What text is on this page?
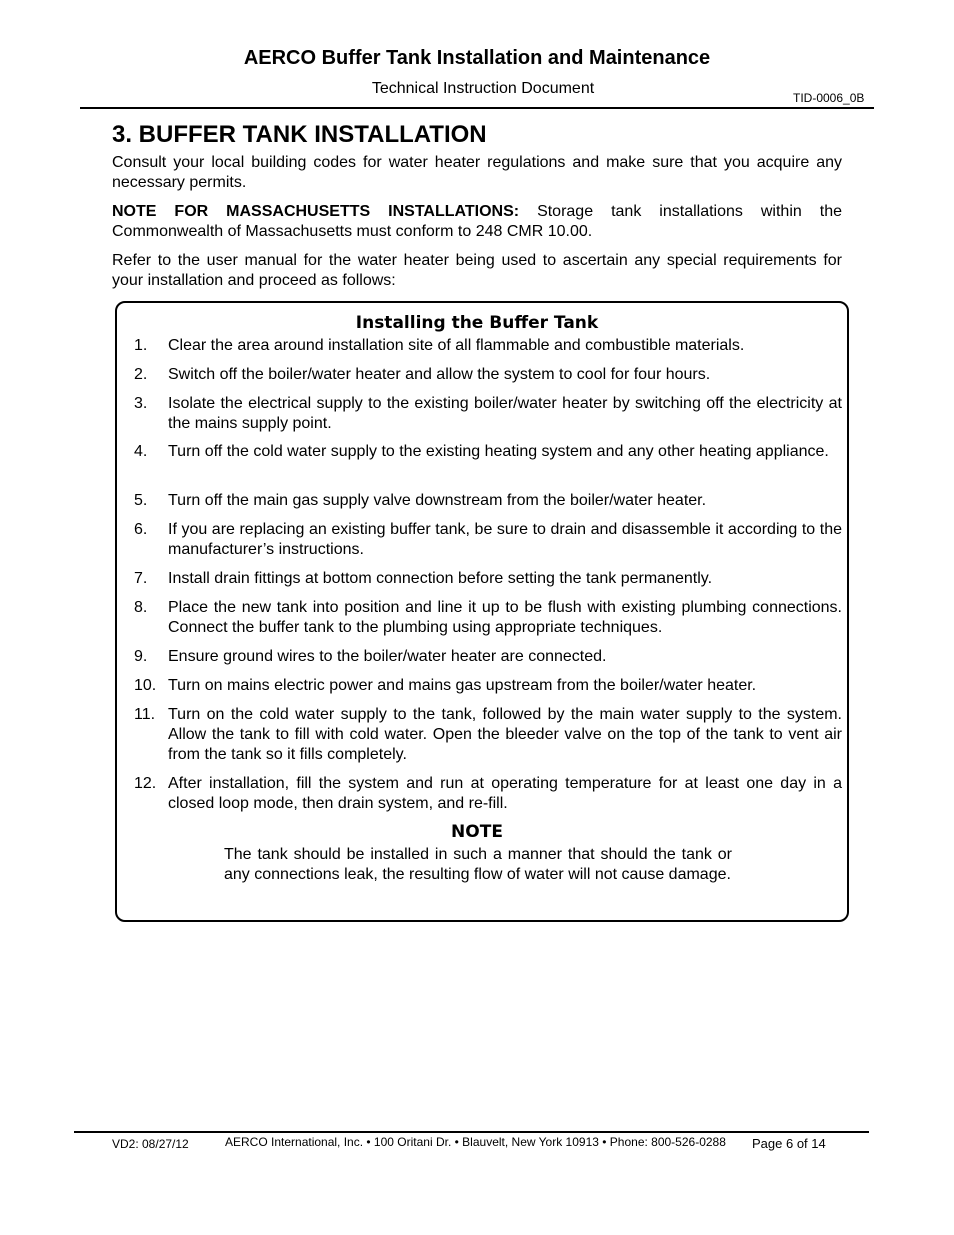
AERCO Buffer Tank Installation and Maintenance
Technical Instruction Document
TID-0006_0B
3. BUFFER TANK INSTALLATION

Consult your local building codes for water heater regulations and make sure that you acquire any necessary permits.

NOTE FOR MASSACHUSETTS INSTALLATIONS: Storage tank installations within the Commonwealth of Massachusetts must conform to 248 CMR 10.00.

Refer to the user manual for the water heater being used to ascertain any special requirements for your installation and proceed as follows:

Installing the Buffer Tank
1.	Clear the area around installation site of all flammable and combustible materials.
2.	Switch off the boiler/water heater and allow the system to cool for four hours.
3.	Isolate the electrical supply to the existing boiler/water heater by switching off the electricity at the mains supply point.
4.	Turn off the cold water supply to the existing heating system and any other heating appliance.
5.	Turn off the main gas supply valve downstream from the boiler/water heater.
6.	If you are replacing an existing buffer tank, be sure to drain and disassemble it according to the manufacturer’s instructions.
7.	Install drain fittings at bottom connection before setting the tank permanently.
8.	Place the new tank into position and line it up to be flush with existing plumbing connections. Connect the buffer tank to the plumbing using appropriate techniques.
9.	Ensure ground wires to the boiler/water heater are connected.
10. Turn on mains electric power and mains gas upstream from the boiler/water heater.
11. Turn on the cold water supply to the tank, followed by the main water supply to the system. Allow the tank to fill with cold water. Open the bleeder valve on the top of the tank to vent air from the tank so it fills completely.
12. After installation, fill the system and run at operating temperature for at least one day in a closed loop mode, then drain system, and re-fill.
NOTE

The tank should be installed in such a manner that should the tank or any connections leak, the resulting flow of water will not cause damage.

VD2: 08/27/12	AERCO International, Inc. • 100 Oritani Dr. • Blauvelt, New York 10913 • Phone: 800-526-0288 Page 6 of 14
